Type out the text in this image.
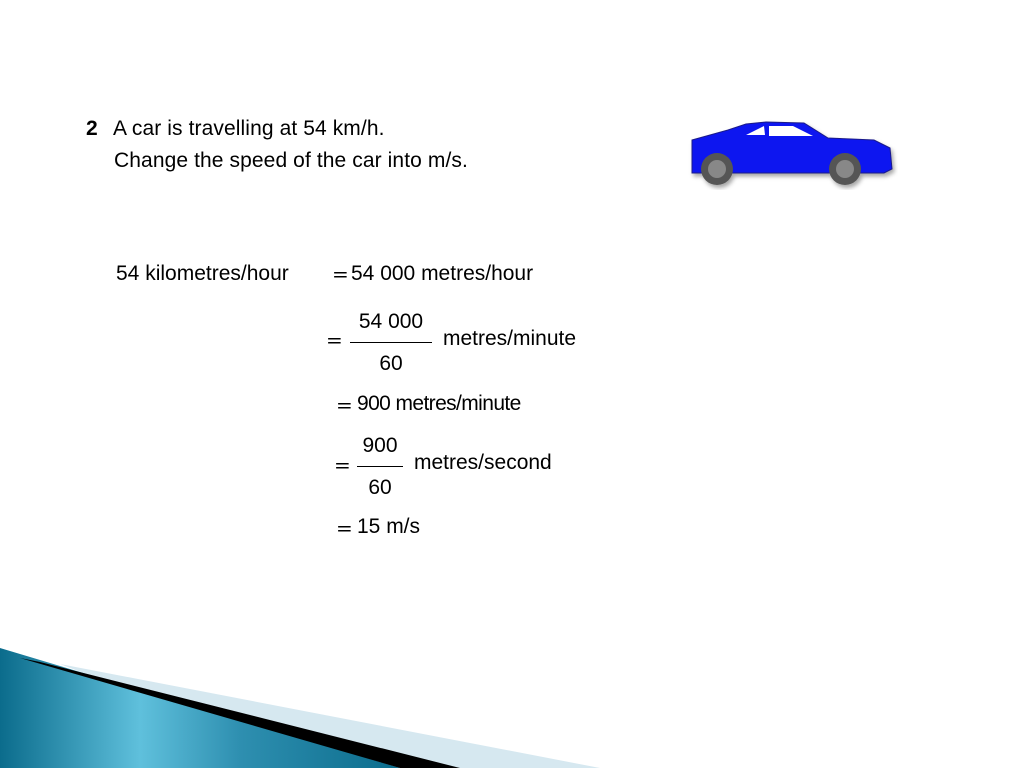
2 A car is travelling at 54 km/h.
Change the speed of the car into m/s.
54 kilometres/hour = 54 000 metres/hour
=
54 000
60
metres/minute
= 900 metres/minute
=
900
60
metres/second
= 15 m/s
